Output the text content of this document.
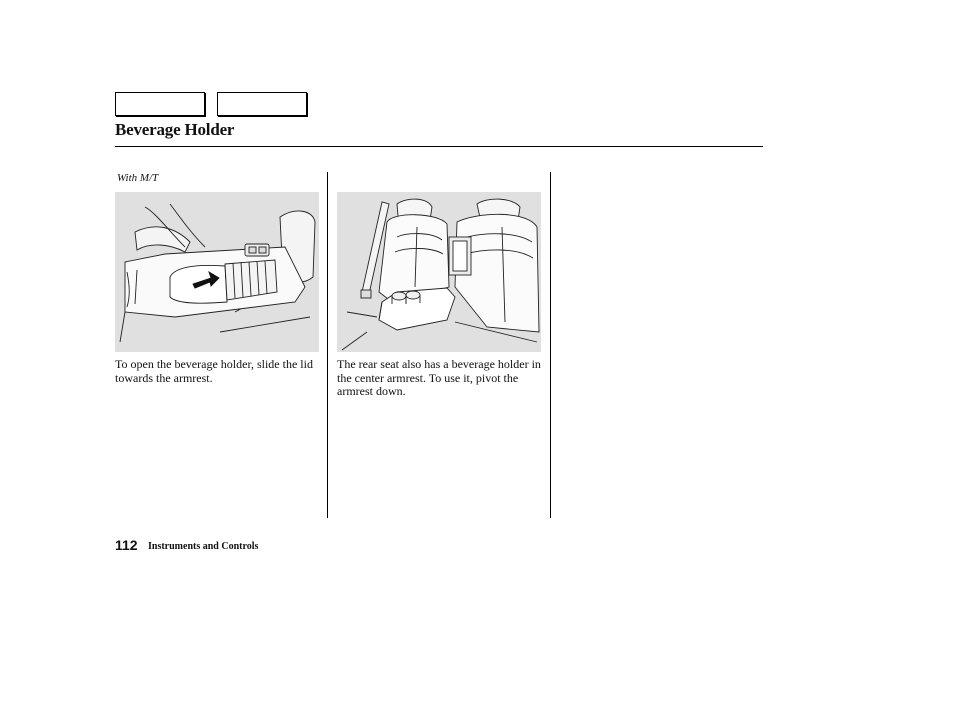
Beverage Holder
With M/T
To open the beverage holder, slide the lid towards the armrest.
The rear seat also has a beverage holder in the center armrest. To use it, pivot the armrest down.
112 Instruments and Controls
